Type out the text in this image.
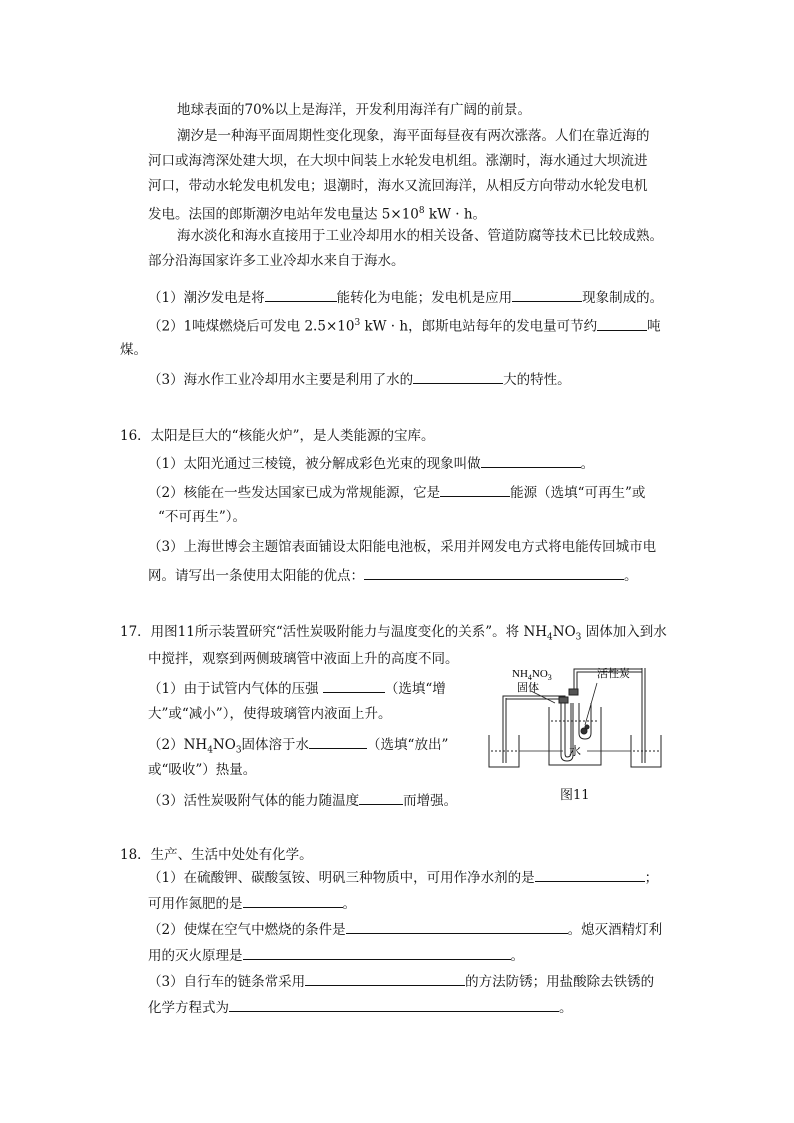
地球表面的70%以上是海洋，开发利用海洋有广阔的前景。
潮汐是一种海平面周期性变化现象，海平面每昼夜有两次涨落。人们在靠近海的
河口或海湾深处建大坝，在大坝中间装上水轮发电机组。涨潮时，海水通过大坝流进
河口，带动水轮发电机发电；退潮时，海水又流回海洋，从相反方向带动水轮发电机
发电。法国的郎斯潮汐电站年发电量达 $5\times 10^8$ kW · h。
海水淡化和海水直接用于工业冷却用水的相关设备、管道防腐等技术已比较成熟。
部分沿海国家许多工业冷却水来自于海水。
（1）潮汐发电是将	能转化为电能；发电机是应用	现象制成的。
（2）1吨煤燃烧后可发电 $2.5\times 10^3$ kW · h，郎斯电站每年的发电量可节约	吨
煤。
（3）海水作工业冷却用水主要是利用了水的	大的特性。
16．太阳是巨大的“核能火炉”，是人类能源的宝库。
（1）太阳光通过三棱镜，被分解成彩色光束的现象叫做	。
（2）核能在一些发达国家已成为常规能源，它是	能源（选填“可再生”或
“不可再生”）。
（3）上海世博会主题馆表面铺设太阳能电池板，采用并网发电方式将电能传回城市电
网。请写出一条使用太阳能的优点：	。
17．用图11所示装置研究“活性炭吸附能力与温度变化的关系”。将 $NH_4NO_3$ 固体加入到水
中搅拌，观察到两侧玻璃管中液面上升的高度不同。
（1）由于试管内气体的压强	（选填“增
大”或“减小”），使得玻璃管内液面上升。
$(2)NH_4NO_3$固体溶于水	（选填“放出”
或“吸收”）热量。
（3）活性炭吸附气体的能力随温度	而增强。
$NH_4NO_3$
固体
活性炭
水
图11
18．生产、生活中处处有化学。
（1）在硫酸钾、碳酸氢铵、明矾三种物质中，可用作净水剂的是	；
可用作氮肥的是	。
（2）使煤在空气中燃烧的条件是	。熄灭酒精灯利
用的灭火原理是	。
（3）自行车的链条常采用	的方法防锈；用盐酸除去铁锈的
化学方程式为	。
